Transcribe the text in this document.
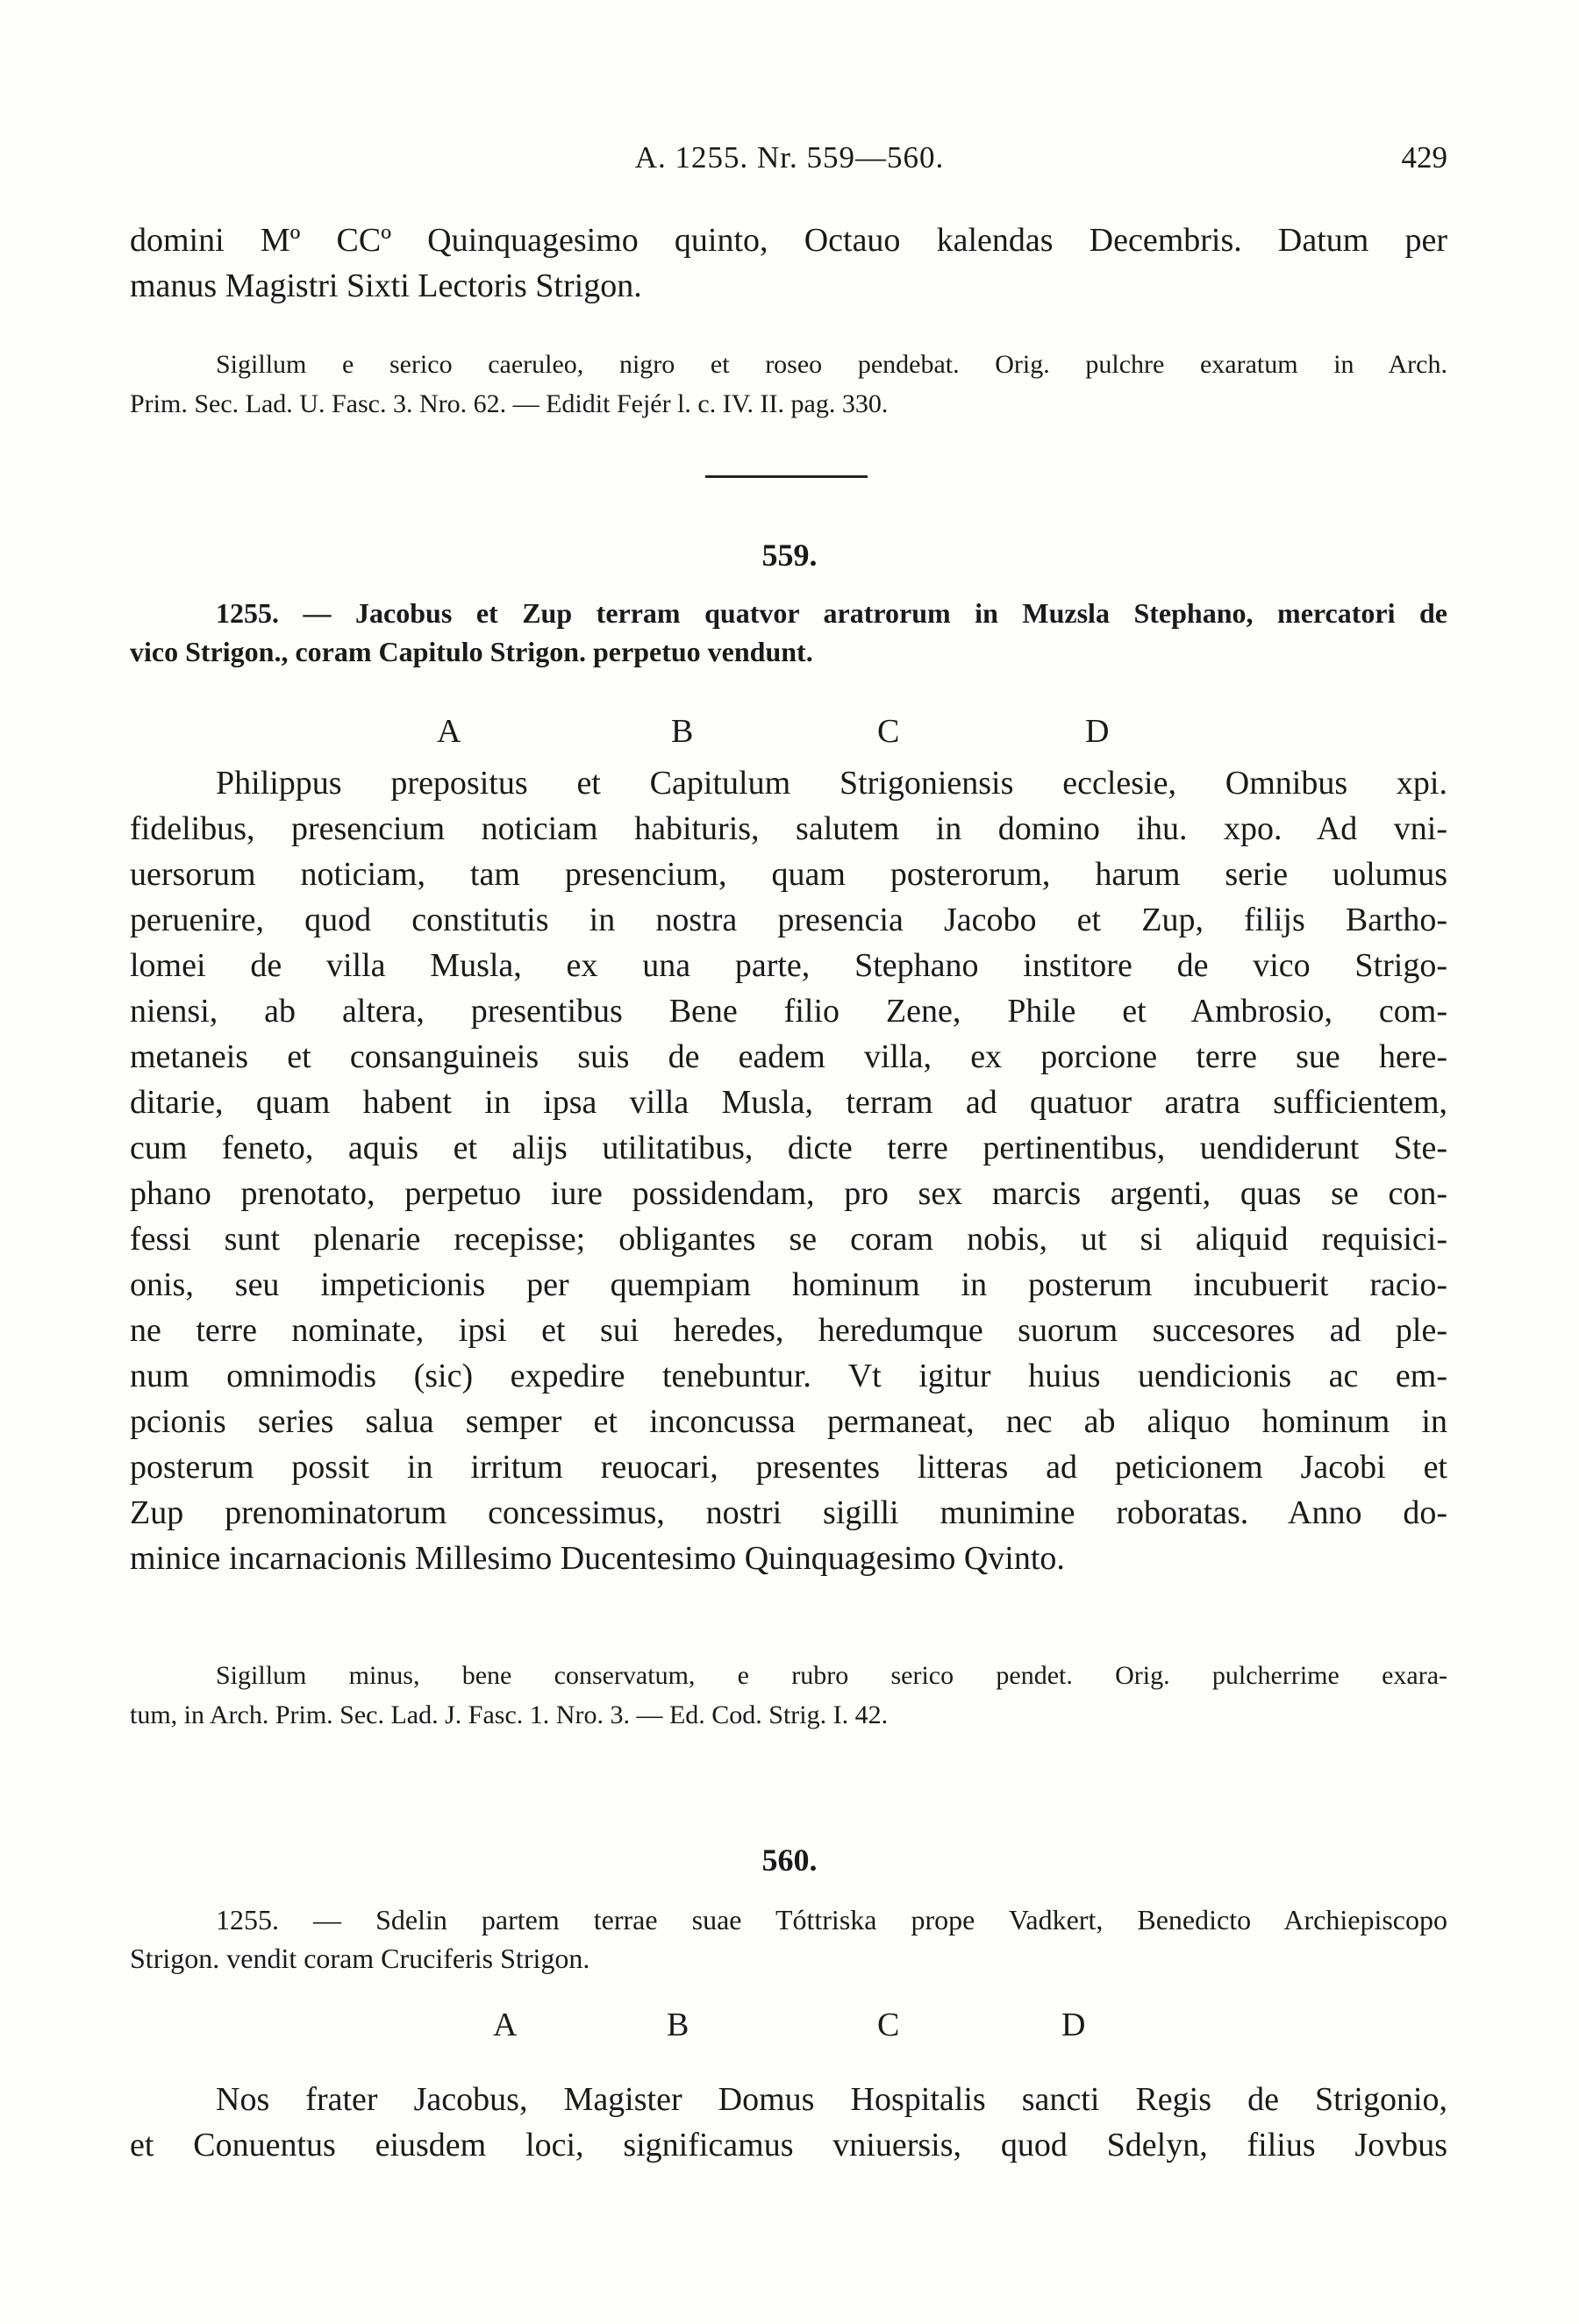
A. 1255. Nr. 559—560.	429
domini Mº CCº Quinquagesimo quinto, Octauo kalendas Decembris. Datum per
manus Magistri Sixti Lectoris Strigon.
Sigillum e serico caeruleo, nigro et roseo pendebat. Orig. pulchre exaratum in Arch.
Prim. Sec. Lad. U. Fasc. 3. Nro. 62. — Edidit Fejér l. c. IV. II. pag. 330.
559.
1255. — Jacobus et Zup terram quatvor aratrorum in Muzsla Stephano, mercatori de
vico Strigon., coram Capitulo Strigon. perpetuo vendunt.
A	B	C	D
Philippus prepositus et Capitulum Strigoniensis ecclesie, Omnibus xpi.
fidelibus, presencium noticiam habituris, salutem in domino ihu. xpo. Ad vni-
uersorum noticiam, tam presencium, quam posterorum, harum serie uolumus
peruenire, quod constitutis in nostra presencia Jacobo et Zup, filijs Bartho-
lomei de villa Musla, ex una parte, Stephano institore de vico Strigo-
niensi, ab altera, presentibus Bene filio Zene, Phile et Ambrosio, com-
metaneis et consanguineis suis de eadem villa, ex porcione terre sue here-
ditarie, quam habent in ipsa villa Musla, terram ad quatuor aratra sufficientem,
cum feneto, aquis et alijs utilitatibus, dicte terre pertinentibus, uendiderunt Ste-
phano prenotato, perpetuo iure possidendam, pro sex marcis argenti, quas se con-
fessi sunt plenarie recepisse; obligantes se coram nobis, ut si aliquid requisici-
onis, seu impeticionis per quempiam hominum in posterum incubuerit racio-
ne terre nominate, ipsi et sui heredes, heredumque suorum succesores ad ple-
num omnimodis (sic) expedire tenebuntur. Vt igitur huius uendicionis ac em-
pcionis series salua semper et inconcussa permaneat, nec ab aliquo hominum in
posterum possit in irritum reuocari, presentes litteras ad peticionem Jacobi et
Zup prenominatorum concessimus, nostri sigilli munimine roboratas. Anno do-
minice incarnacionis Millesimo Ducentesimo Quinquagesimo Qvinto.
Sigillum minus, bene conservatum, e rubro serico pendet. Orig. pulcherrime exara-
tum, in Arch. Prim. Sec. Lad. J. Fasc. 1. Nro. 3. — Ed. Cod. Strig. I. 42.
560.
1255. — Sdelin partem terrae suae Tóttriska prope Vadkert, Benedicto Archiepiscopo
Strigon. vendit coram Cruciferis Strigon.
A	B	C	D
Nos frater Jacobus, Magister Domus Hospitalis sancti Regis de Strigonio,
et Conuentus eiusdem loci, significamus vniuersis, quod Sdelyn, filius Jovbus
